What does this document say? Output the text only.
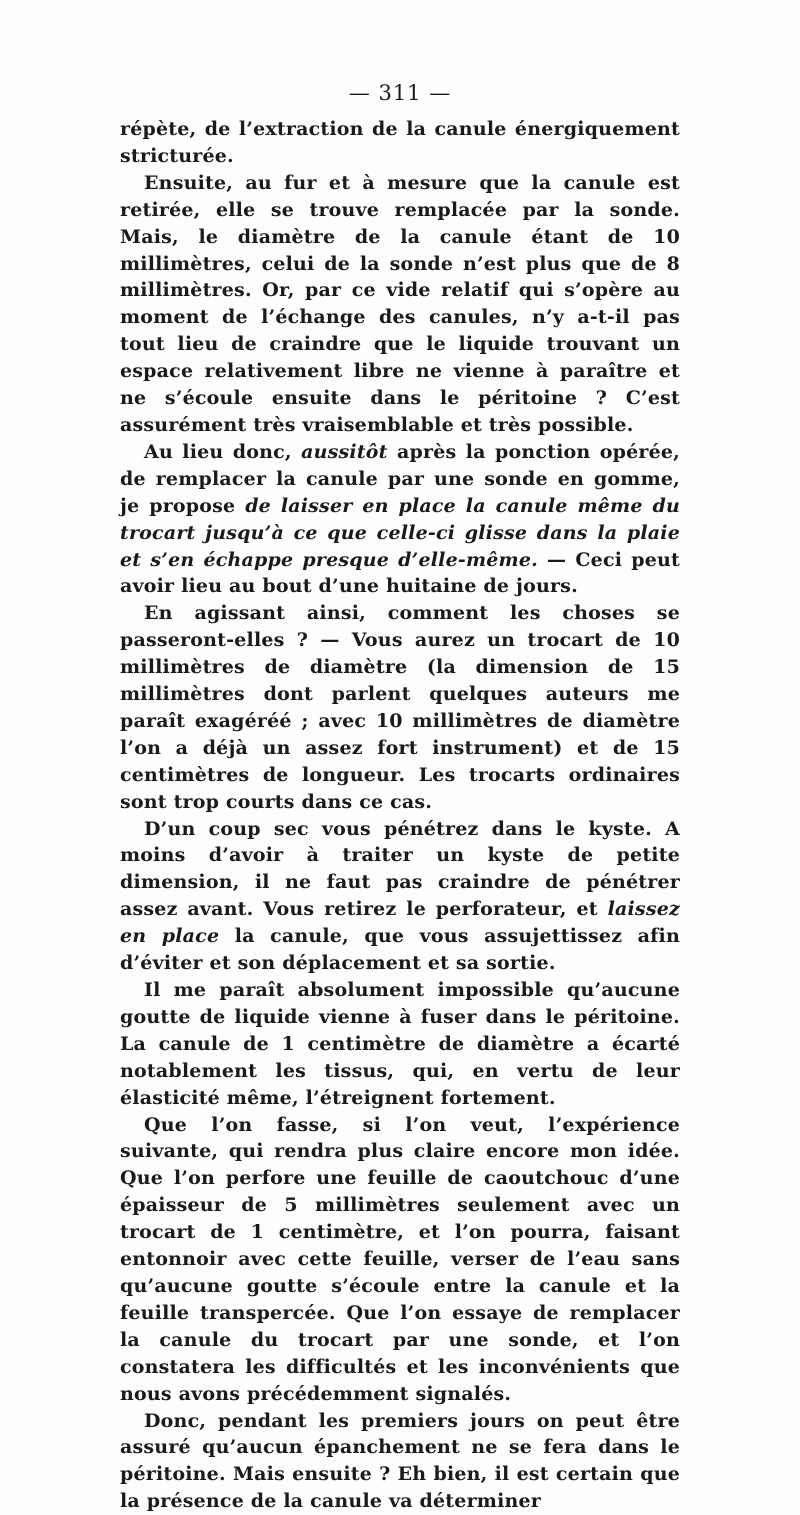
— 311 —

répète, de l’extraction de la canule énergiquement stricturée.

Ensuite, au fur et à mesure que la canule est retirée, elle se trouve remplacée par la sonde. Mais, le diamètre de la canule étant de 10 millimètres, celui de la sonde n’est plus que de 8 millimètres. Or, par ce vide relatif qui s’opère au moment de l’échange des canules, n’y a-t-il pas tout lieu de craindre que le liquide trouvant un espace relativement libre ne vienne à paraître et ne s’écoule ensuite dans le péritoine ? C’est assurément très vraisemblable et très possible.

Au lieu donc, aussitôt après la ponction opérée, de remplacer la canule par une sonde en gomme, je propose de laisser en place la canule même du trocart jusqu’à ce que celle-ci glisse dans la plaie et s’en échappe presque d’elle-même. — Ceci peut avoir lieu au bout d’une huitaine de jours.

En agissant ainsi, comment les choses se passeront-elles ? — Vous aurez un trocart de 10 millimètres de diamètre (la dimension de 15 millimètres dont parlent quelques auteurs me paraît exagéréé ; avec 10 millimètres de diamètre l’on a déjà un assez fort instrument) et de 15 centimètres de longueur. Les trocarts ordinaires sont trop courts dans ce cas.

D’un coup sec vous pénétrez dans le kyste. A moins d’avoir à traiter un kyste de petite dimension, il ne faut pas craindre de pénétrer assez avant. Vous retirez le perforateur, et laissez en place la canule, que vous assujettissez afin d’éviter et son déplacement et sa sortie.

Il me paraît absolument impossible qu’aucune goutte de liquide vienne à fuser dans le péritoine. La canule de 1 centimètre de diamètre a écarté notablement les tissus, qui, en vertu de leur élasticité même, l’étreignent fortement.

Que l’on fasse, si l’on veut, l’expérience suivante, qui rendra plus claire encore mon idée. Que l’on perfore une feuille de caoutchouc d’une épaisseur de 5 millimètres seulement avec un trocart de 1 centimètre, et l’on pourra, faisant entonnoir avec cette feuille, verser de l’eau sans qu’aucune goutte s’écoule entre la canule et la feuille transpercée. Que l’on essaye de remplacer la canule du trocart par une sonde, et l’on constatera les difficultés et les inconvénients que nous avons précédemment signalés.

Donc, pendant les premiers jours on peut être assuré qu’aucun épanchement ne se fera dans le péritoine. Mais ensuite ? Eh bien, il est certain que la présence de la canule va déterminer
